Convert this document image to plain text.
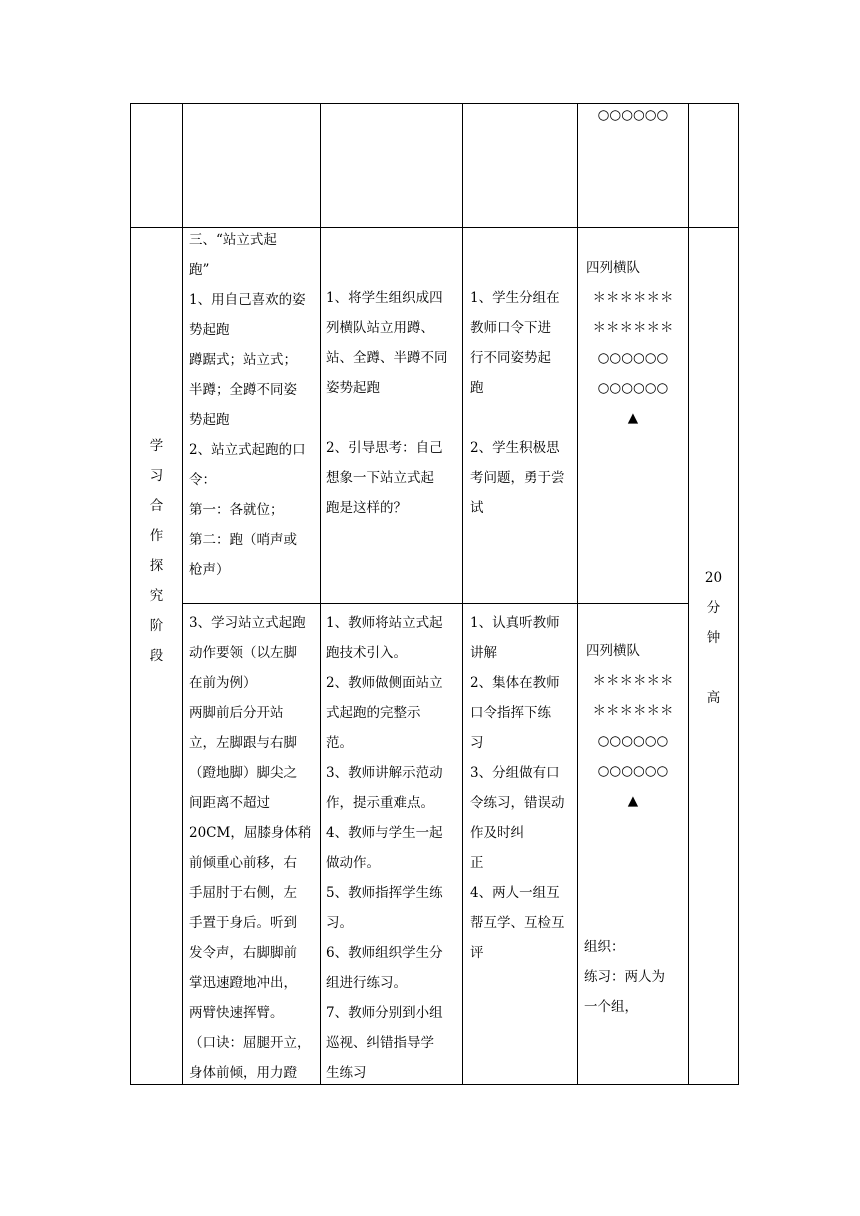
○○○○○○
学
习
合
作
探
究
阶
段
三、“站立式起
跑”
1、用自己喜欢的姿
势起跑
蹲踞式；站立式；
半蹲；全蹲不同姿
势起跑
2、站立式起跑的口
令：
第一：各就位；
第二：跑（哨声或
枪声）
1、将学生组织成四
列横队站立用蹲、
站、全蹲、半蹲不同
姿势起跑

2、引导思考：自己
想象一下站立式起
跑是这样的？
1、学生分组在
教师口令下进
行不同姿势起
跑

2、学生积极思
考问题，勇于尝
试
四列横队
＊＊＊＊＊＊
＊＊＊＊＊＊
○○○○○○
○○○○○○
▲
3、学习站立式起跑
动作要领（以左脚
在前为例）
两脚前后分开站
立，左脚跟与右脚
（蹬地脚）脚尖之
间距离不超过
20CM，屈膝身体稍
前倾重心前移，右
手屈肘于右侧，左
手置于身后。听到
发令声，右脚脚前
掌迅速蹬地冲出，
两臂快速挥臂。
（口诀：屈腿开立，
身体前倾，用力蹬
1、教师将站立式起
跑技术引入。
2、教师做侧面站立
式起跑的完整示
范。
3、教师讲解示范动
作，提示重难点。
4、教师与学生一起
做动作。
5、教师指挥学生练
习。
6、教师组织学生分
组进行练习。
7、教师分别到小组
巡视、纠错指导学
生练习
1、认真听教师
讲解
2、集体在教师
口令指挥下练
习
3、分组做有口
令练习，错误动
作及时纠
正
4、两人一组互
帮互学、互检互
评
四列横队
＊＊＊＊＊＊
＊＊＊＊＊＊
○○○○○○
○○○○○○
▲
组织：
练习：两人为
一个组，
20
分
钟

高
